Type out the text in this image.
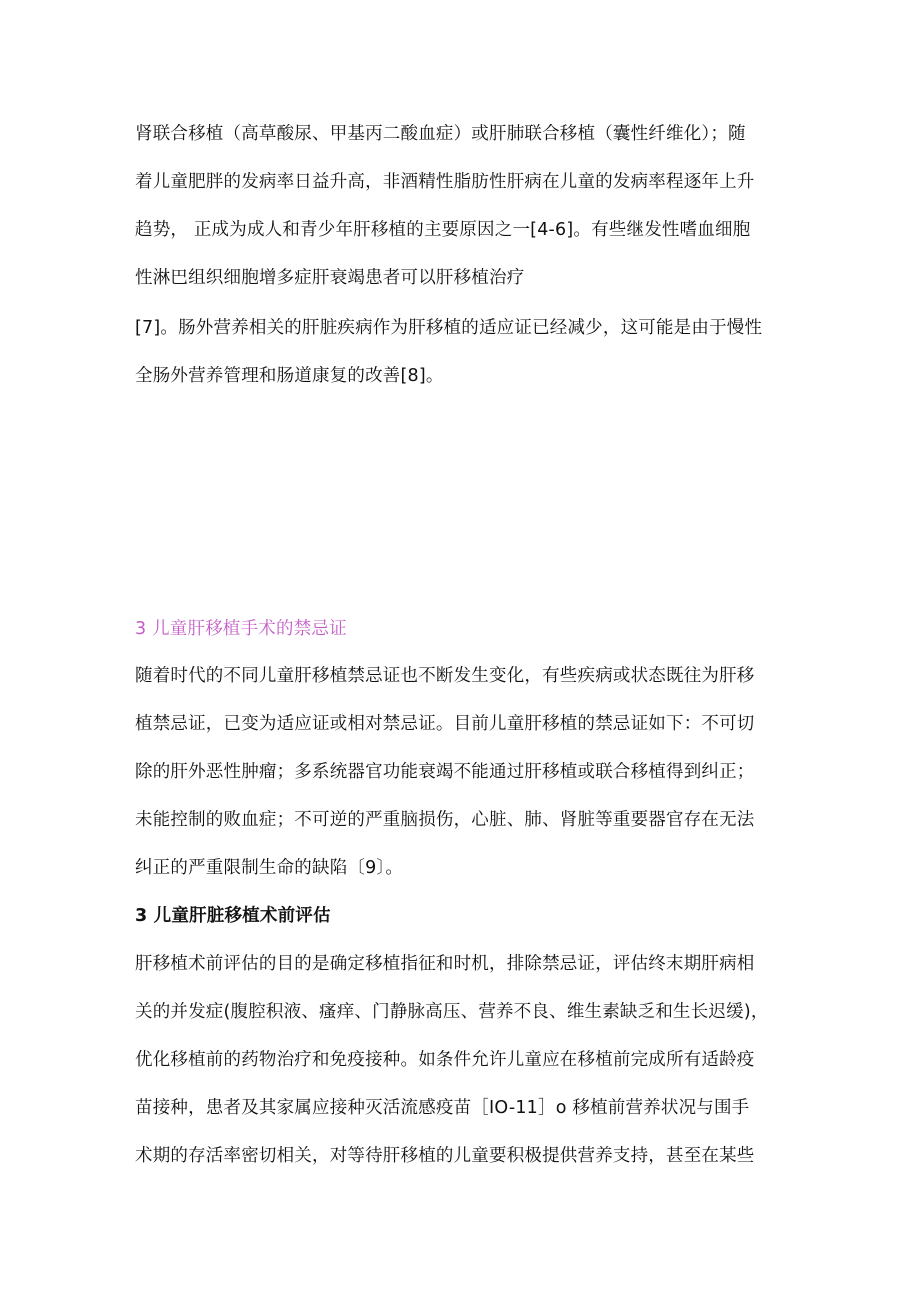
肾联合移植（高草酸尿、甲基丙二酸血症）或肝肺联合移植（囊性纤维化）；随
着儿童肥胖的发病率日益升高，非酒精性脂肪性肝病在儿童的发病率程逐年上升
趋势， 正成为成人和青少年肝移植的主要原因之一[4-6]。有些继发性嗜血细胞
性淋巴组织细胞增多症肝衰竭患者可以肝移植治疗
[7]。肠外营养相关的肝脏疾病作为肝移植的适应证已经减少，这可能是由于慢性
全肠外营养管理和肠道康复的改善[8]。
3 儿童肝移植手术的禁忌证
随着时代的不同儿童肝移植禁忌证也不断发生变化，有些疾病或状态既往为肝移
植禁忌证，已变为适应证或相对禁忌证。目前儿童肝移植的禁忌证如下：不可切
除的肝外恶性肿瘤；多系统器官功能衰竭不能通过肝移植或联合移植得到纠正；
未能控制的败血症；不可逆的严重脑损伤，心脏、肺、肾脏等重要器官存在无法
纠正的严重限制生命的缺陷〔9〕。
3 儿童肝脏移植术前评估
肝移植术前评估的目的是确定移植指征和时机，排除禁忌证，评估终末期肝病相
关的并发症(腹腔积液、瘙痒、门静脉高压、营养不良、维生素缺乏和生长迟缓)，
优化移植前的药物治疗和免疫接种。如条件允许儿童应在移植前完成所有适龄疫
苗接种，患者及其家属应接种灭活流感疫苗［IO-11］o 移植前营养状况与围手
术期的存活率密切相关，对等待肝移植的儿童要积极提供营养支持，甚至在某些
